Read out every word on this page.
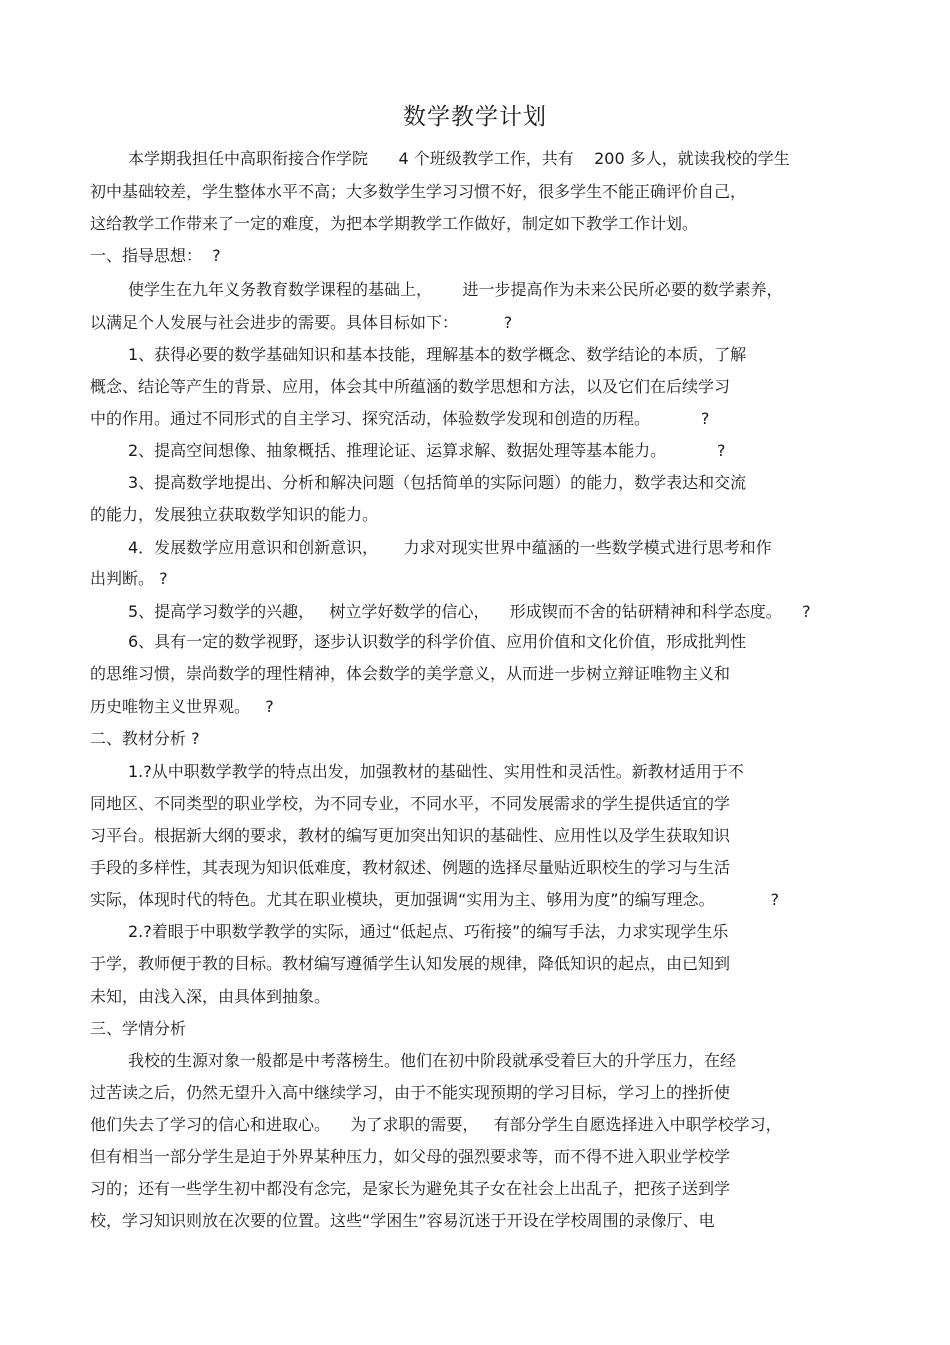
数学教学计划
本学期我担任中高职衔接合作学院      4 个班级教学工作，共有    200 多人，就读我校的学生
初中基础较差，学生整体水平不高；大多数学生学习习惯不好，很多学生不能正确评价自己，
这给教学工作带来了一定的难度，为把本学期教学工作做好，制定如下教学工作计划。
一、指导思想：  ?
使学生在九年义务教育数学课程的基础上，      进一步提高作为未来公民所必要的数学素养，
以满足个人发展与社会进步的需要。具体目标如下：         ?
1、获得必要的数学基础知识和基本技能，理解基本的数学概念、数学结论的本质，了解
概念、结论等产生的背景、应用，体会其中所蕴涵的数学思想和方法，以及它们在后续学习
中的作用。通过不同形式的自主学习、探究活动，体验数学发现和创造的历程。          ?
2、提高空间想像、抽象概括、推理论证、运算求解、数据处理等基本能力。          ?
3、提高数学地提出、分析和解决问题（包括简单的实际问题）的能力，数学表达和交流
的能力，发展独立获取数学知识的能力。
4．发展数学应用意识和创新意识，     力求对现实世界中蕴涵的一些数学模式进行思考和作
出判断。 ?
5、提高学习数学的兴趣，   树立学好数学的信心，    形成锲而不舍的钻研精神和科学态度。    ?
6、具有一定的数学视野，逐步认识数学的科学价值、应用价值和文化价值，形成批判性
的思维习惯，崇尚数学的理性精神，体会数学的美学意义，从而进一步树立辩证唯物主义和
历史唯物主义世界观。   ?
二、教材分析 ?
1.?从中职数学教学的特点出发，加强教材的基础性、实用性和灵活性。新教材适用于不
同地区、不同类型的职业学校，为不同专业，不同水平，不同发展需求的学生提供适宜的学
习平台。根据新大纲的要求，教材的编写更加突出知识的基础性、应用性以及学生获取知识
手段的多样性，其表现为知识低难度，教材叙述、例题的选择尽量贴近职校生的学习与生活
实际，体现时代的特色。尤其在职业模块，更加强调“实用为主、够用为度”的编写理念。           ?
2.?着眼于中职数学教学的实际，通过“低起点、巧衔接”的编写手法，力求实现学生乐
于学，教师便于教的目标。教材编写遵循学生认知发展的规律，降低知识的起点，由已知到
未知，由浅入深，由具体到抽象。
三、学情分析
我校的生源对象一般都是中考落榜生。他们在初中阶段就承受着巨大的升学压力，在经
过苦读之后，仍然无望升入高中继续学习，由于不能实现预期的学习目标，学习上的挫折使
他们失去了学习的信心和进取心。    为了求职的需要，   有部分学生自愿选择进入中职学校学习，
但有相当一部分学生是迫于外界某种压力，如父母的强烈要求等，而不得不进入职业学校学
习的；还有一些学生初中都没有念完，是家长为避免其子女在社会上出乱子，把孩子送到学
校，学习知识则放在次要的位置。这些“学困生”容易沉迷于开设在学校周围的录像厅、电
